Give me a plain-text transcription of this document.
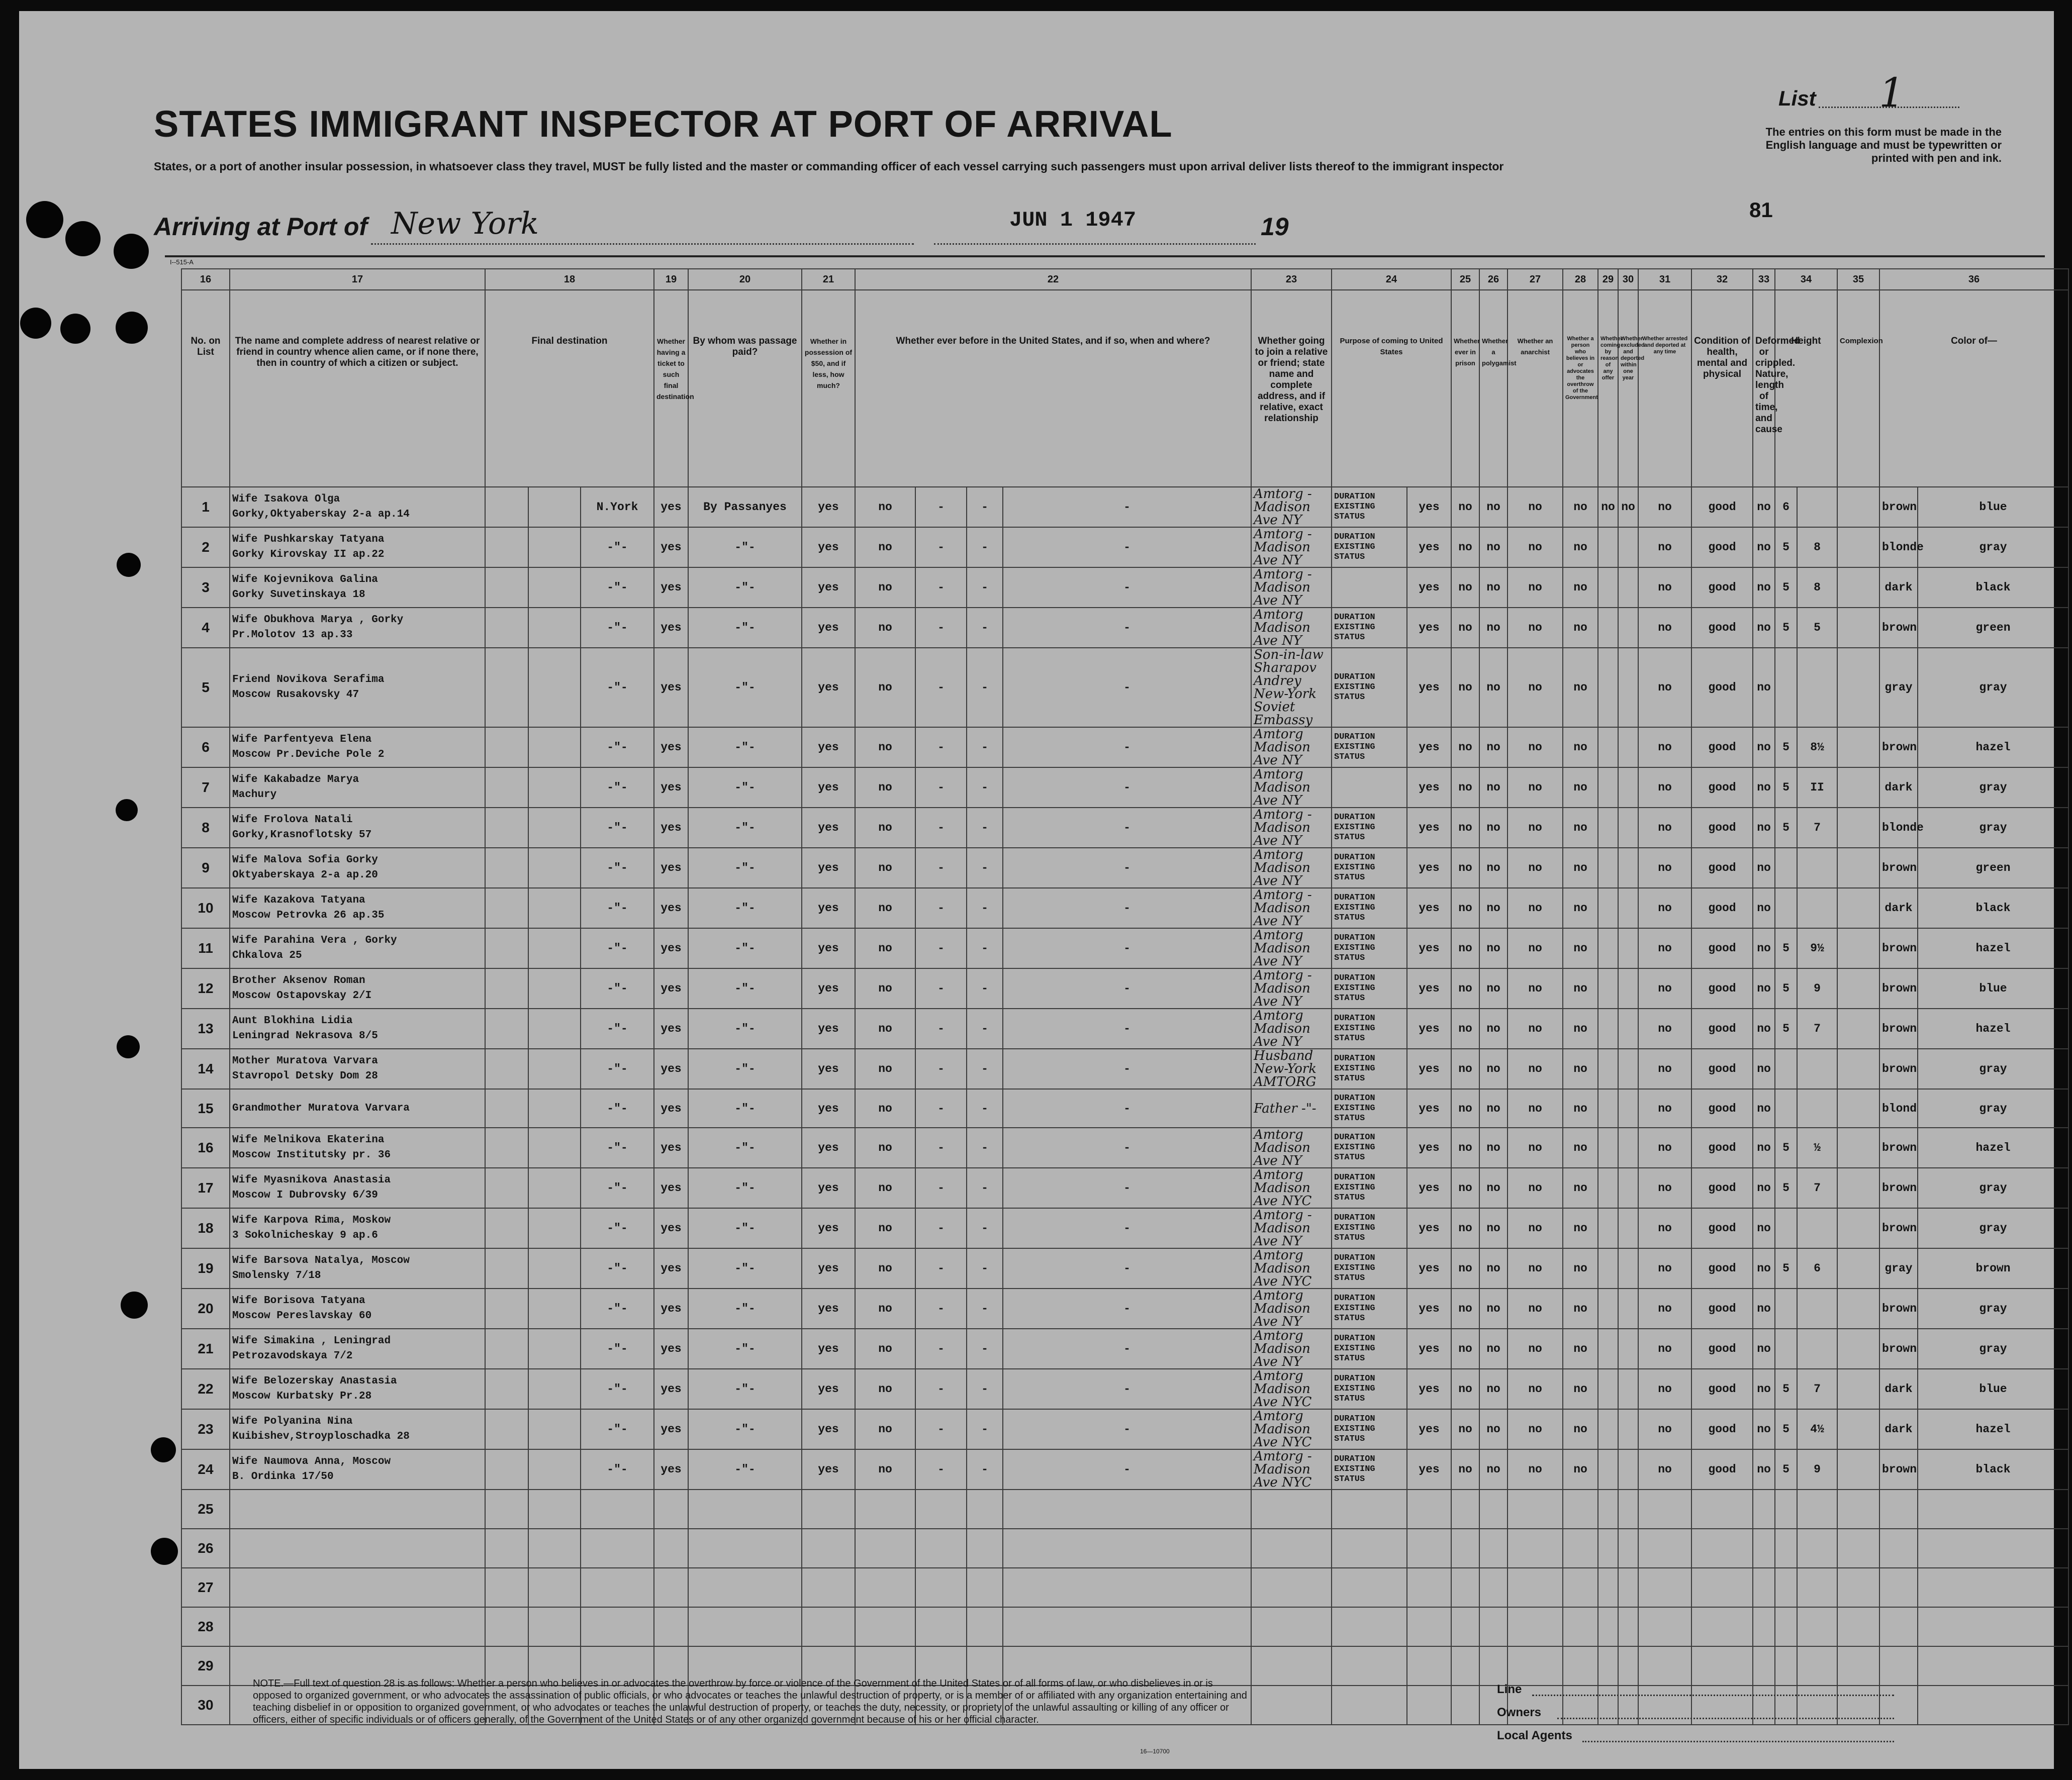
STATES IMMIGRANT INSPECTOR AT PORT OF ARRIVAL
States, or a port of another insular possession, in whatsoever class they travel, MUST be fully listed and the master or commanding officer of each vessel carrying such passengers must upon arrival deliver lists thereof to the immigrant inspector
List 1
The entries on this form must be made in the English language and must be typewritten or printed with pen and ink.
81
Arriving at Port of New York	JUN 1 1947	19
I--515-A
16	17	18			19	20	21	22				23	24		25	26	27	28	29	30	31	32	33	34		35	36	
No. on List	The name and complete address of nearest relative or friend in country whence alien came, or if none there, then in country of which a citizen or subject.	Final destination			Whether having a ticket to such final destination	By whom was passage paid?	Whether in possession of $50, and if less, how much?	Whether ever before in the United States, and if so, when and where?				Whether going to join a relative or friend; state name and complete address, and if relative, exact relationship	Purpose of coming to United States		Whether ever in prison	Whether a polygamist	Whether an anarchist	Whether a person who believes in or advocates the overthrow of the Government	Whether coming by reason of any offer	Whether excluded and deported within one year	Whether arrested and deported at any time	Condition of health, mental and physical	Deformed or crippled. Nature, length of time, and cause	Height		Complexion	Color of—	
1	Wife Isakova Olga
Gorky,Oktyaberskay 2-a ap.14			N.York	yes	By Passanyes	yes	no	-	-	-	Amtorg - Madison Ave NY	DURATION EXISTING STATUS	yes	no	no	no	no	no	no	no	good	no	6			brown	blue	
2	Wife Pushkarskay Tatyana
Gorky Kirovskay II ap.22			-"-	yes	-"-	yes	no	-	-	-	Amtorg - Madison Ave NY	DURATION EXISTING STATUS	yes	no	no	no	no			no	good	no	5	8		blonde	gray	
3	Wife Kojevnikova Galina
Gorky Suvetinskaya 18			-"-	yes	-"-	yes	no	-	-	-	Amtorg - Madison Ave NY		yes	no	no	no	no			no	good	no	5	8		dark	black	
4	Wife Obukhova Marya , Gorky
Pr.Molotov 13 ap.33			-"-	yes	-"-	yes	no	-	-	-	Amtorg Madison Ave NY	DURATION EXISTING STATUS	yes	no	no	no	no			no	good	no	5	5		brown	green	
5	Friend Novikova Serafima
Moscow Rusakovsky 47			-"-	yes	-"-	yes	no	-	-	-	Son-in-law Sharapov Andrey New-York Soviet Embassy	DURATION EXISTING STATUS	yes	no	no	no	no			no	good	no				gray	gray	
6	Wife Parfentyeva Elena
Moscow Pr.Deviche Pole 2			-"-	yes	-"-	yes	no	-	-	-	Amtorg Madison Ave NY	DURATION EXISTING STATUS	yes	no	no	no	no			no	good	no	5	8½		brown	hazel	
7	Wife Kakabadze Marya
Machury			-"-	yes	-"-	yes	no	-	-	-	Amtorg Madison Ave NY		yes	no	no	no	no			no	good	no	5	II		dark	gray	
8	Wife Frolova Natali
Gorky,Krasnoflotsky 57			-"-	yes	-"-	yes	no	-	-	-	Amtorg - Madison Ave NY	DURATION EXISTING STATUS	yes	no	no	no	no			no	good	no	5	7		blonde	gray	
9	Wife Malova Sofia Gorky
Oktyaberskaya 2-a ap.20			-"-	yes	-"-	yes	no	-	-	-	Amtorg Madison Ave NY	DURATION EXISTING STATUS	yes	no	no	no	no			no	good	no				brown	green	
10	Wife Kazakova Tatyana
Moscow Petrovka 26 ap.35			-"-	yes	-"-	yes	no	-	-	-	Amtorg - Madison Ave NY	DURATION EXISTING STATUS	yes	no	no	no	no			no	good	no				dark	black	
11	Wife Parahina Vera , Gorky
Chkalova 25			-"-	yes	-"-	yes	no	-	-	-	Amtorg Madison Ave NY	DURATION EXISTING STATUS	yes	no	no	no	no			no	good	no	5	9½		brown	hazel	
12	Brother Aksenov Roman
Moscow Ostapovskay 2/I			-"-	yes	-"-	yes	no	-	-	-	Amtorg - Madison Ave NY	DURATION EXISTING STATUS	yes	no	no	no	no			no	good	no	5	9		brown	blue	
13	Aunt Blokhina Lidia
Leningrad Nekrasova 8/5			-"-	yes	-"-	yes	no	-	-	-	Amtorg Madison Ave NY	DURATION EXISTING STATUS	yes	no	no	no	no			no	good	no	5	7		brown	hazel	
14	Mother Muratova Varvara
Stavropol Detsky Dom 28			-"-	yes	-"-	yes	no	-	-	-	Husband New-York AMTORG	DURATION EXISTING STATUS	yes	no	no	no	no			no	good	no				brown	gray	
15	Grandmother Muratova Varvara			-"-	yes	-"-	yes	no	-	-	-	Father -"-	DURATION EXISTING STATUS	yes	no	no	no	no			no	good	no				blond	gray	
16	Wife Melnikova Ekaterina
Moscow Institutsky pr. 36			-"-	yes	-"-	yes	no	-	-	-	Amtorg Madison Ave NY	DURATION EXISTING STATUS	yes	no	no	no	no			no	good	no	5	½		brown	hazel	
17	Wife Myasnikova Anastasia
Moscow I Dubrovsky 6/39			-"-	yes	-"-	yes	no	-	-	-	Amtorg Madison Ave NYC	DURATION EXISTING STATUS	yes	no	no	no	no			no	good	no	5	7		brown	gray	
18	Wife Karpova Rima, Moskow
3 Sokolnicheskay 9 ap.6			-"-	yes	-"-	yes	no	-	-	-	Amtorg - Madison Ave NY	DURATION EXISTING STATUS	yes	no	no	no	no			no	good	no				brown	gray	
19	Wife Barsova Natalya, Moscow
Smolensky 7/18			-"-	yes	-"-	yes	no	-	-	-	Amtorg Madison Ave NYC	DURATION EXISTING STATUS	yes	no	no	no	no			no	good	no	5	6		gray	brown	
20	Wife Borisova Tatyana
Moscow Pereslavskay 60			-"-	yes	-"-	yes	no	-	-	-	Amtorg Madison Ave NY	DURATION EXISTING STATUS	yes	no	no	no	no			no	good	no				brown	gray	
21	Wife Simakina , Leningrad
Petrozavodskaya 7/2			-"-	yes	-"-	yes	no	-	-	-	Amtorg Madison Ave NY	DURATION EXISTING STATUS	yes	no	no	no	no			no	good	no				brown	gray	
22	Wife Belozerskay Anastasia
Moscow Kurbatsky Pr.28			-"-	yes	-"-	yes	no	-	-	-	Amtorg Madison Ave NYC	DURATION EXISTING STATUS	yes	no	no	no	no			no	good	no	5	7		dark	blue	
23	Wife Polyanina Nina
Kuibishev,Stroyploschadka 28			-"-	yes	-"-	yes	no	-	-	-	Amtorg Madison Ave NYC	DURATION EXISTING STATUS	yes	no	no	no	no			no	good	no	5	4½		dark	hazel	
24	Wife Naumova Anna, Moscow
B. Ordinka 17/50			-"-	yes	-"-	yes	no	-	-	-	Amtorg - Madison Ave NYC	DURATION EXISTING STATUS	yes	no	no	no	no			no	good	no	5	9		brown	black	
25																													
26																													
27																													
28																													
29																													
30																													
NOTE.—Full text of question 28 is as follows: Whether a person who believes in or advocates the overthrow by force or violence of the Government of the United States or of all forms of law, or who disbelieves in or is opposed to organized government, or who advocates the assassination of public officials, or who advocates or teaches the unlawful destruction of property, or is a member of or affiliated with any organization entertaining and teaching disbelief in or opposition to organized government, or who advocates or teaches the unlawful destruction of property, or teaches the duty, necessity, or propriety of the unlawful assaulting or killing of any officer or officers, either of specific individuals or of officers generally, of the Government of the United States or of any other organized government because of his or her official character.
Line
Owners
Local Agents
16—10700
